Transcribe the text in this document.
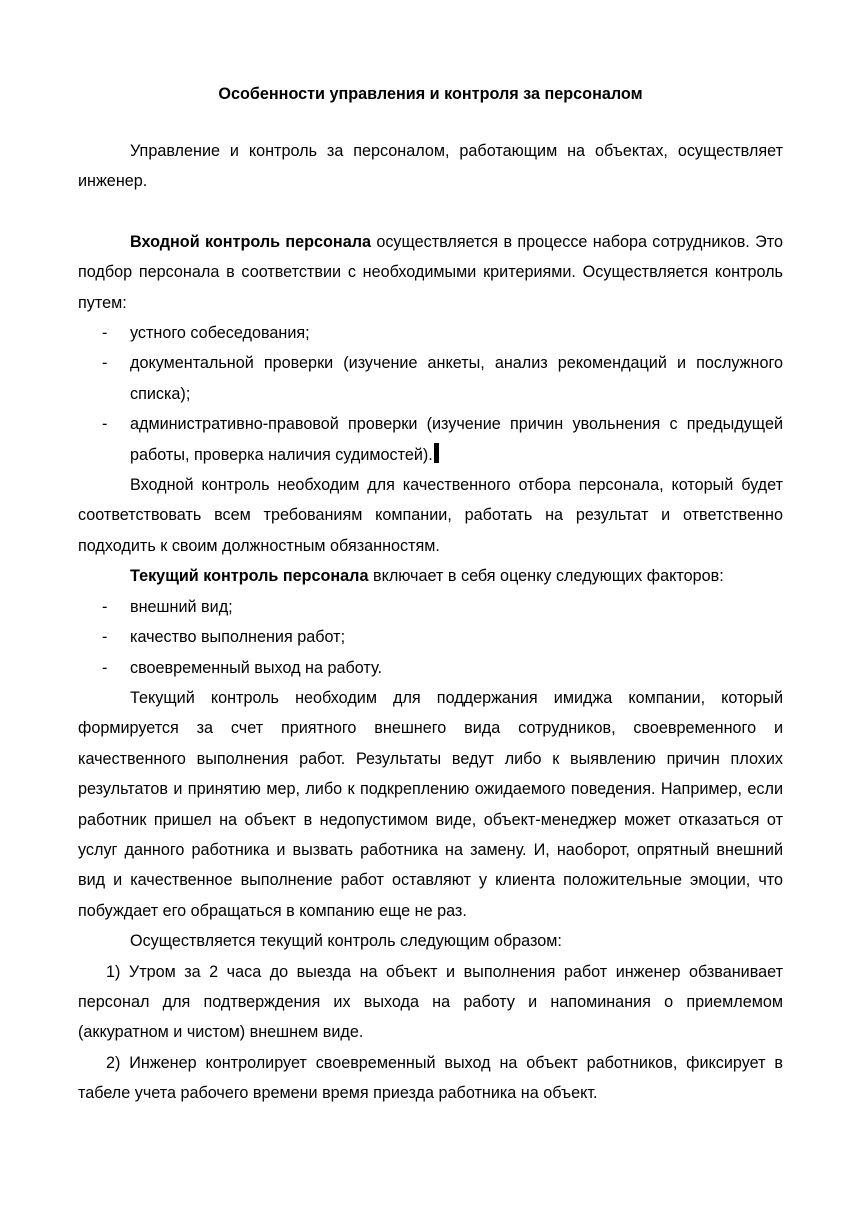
Особенности управления и контроля за персоналом

Управление и контроль за персоналом, работающим на объектах, осуществляет инженер.

Входной контроль персонала осуществляется в процессе набора сотрудников. Это подбор персонала в соответствии с необходимыми критериями. Осуществляется контроль путем:

- устного собеседования;
- документальной проверки (изучение анкеты, анализ рекомендаций и послужного списка);
- административно-правовой проверки (изучение причин увольнения с предыдущей работы, проверка наличия судимостей).

Входной контроль необходим для качественного отбора персонала, который будет соответствовать всем требованиям компании, работать на результат и ответственно подходить к своим должностным обязанностям.

Текущий контроль персонала включает в себя оценку следующих факторов:

- внешний вид;
- качество выполнения работ;
- своевременный выход на работу.

Текущий контроль необходим для поддержания имиджа компании, который формируется за счет приятного внешнего вида сотрудников, своевременного и качественного выполнения работ. Результаты ведут либо к выявлению причин плохих результатов и принятию мер, либо к подкреплению ожидаемого поведения. Например, если работник пришел на объект в недопустимом виде, объект-менеджер может отказаться от услуг данного работника и вызвать работника на замену. И, наоборот, опрятный внешний вид и качественное выполнение работ оставляют у клиента положительные эмоции, что побуждает его обращаться в компанию еще не раз.

Осуществляется текущий контроль следующим образом:

1) Утром за 2 часа до выезда на объект и выполнения работ инженер обзванивает персонал для подтверждения их выхода на работу и напоминания о приемлемом (аккуратном и чистом) внешнем виде.
2) Инженер контролирует своевременный выход на объект работников, фиксирует в табеле учета рабочего времени время приезда работника на объект.
